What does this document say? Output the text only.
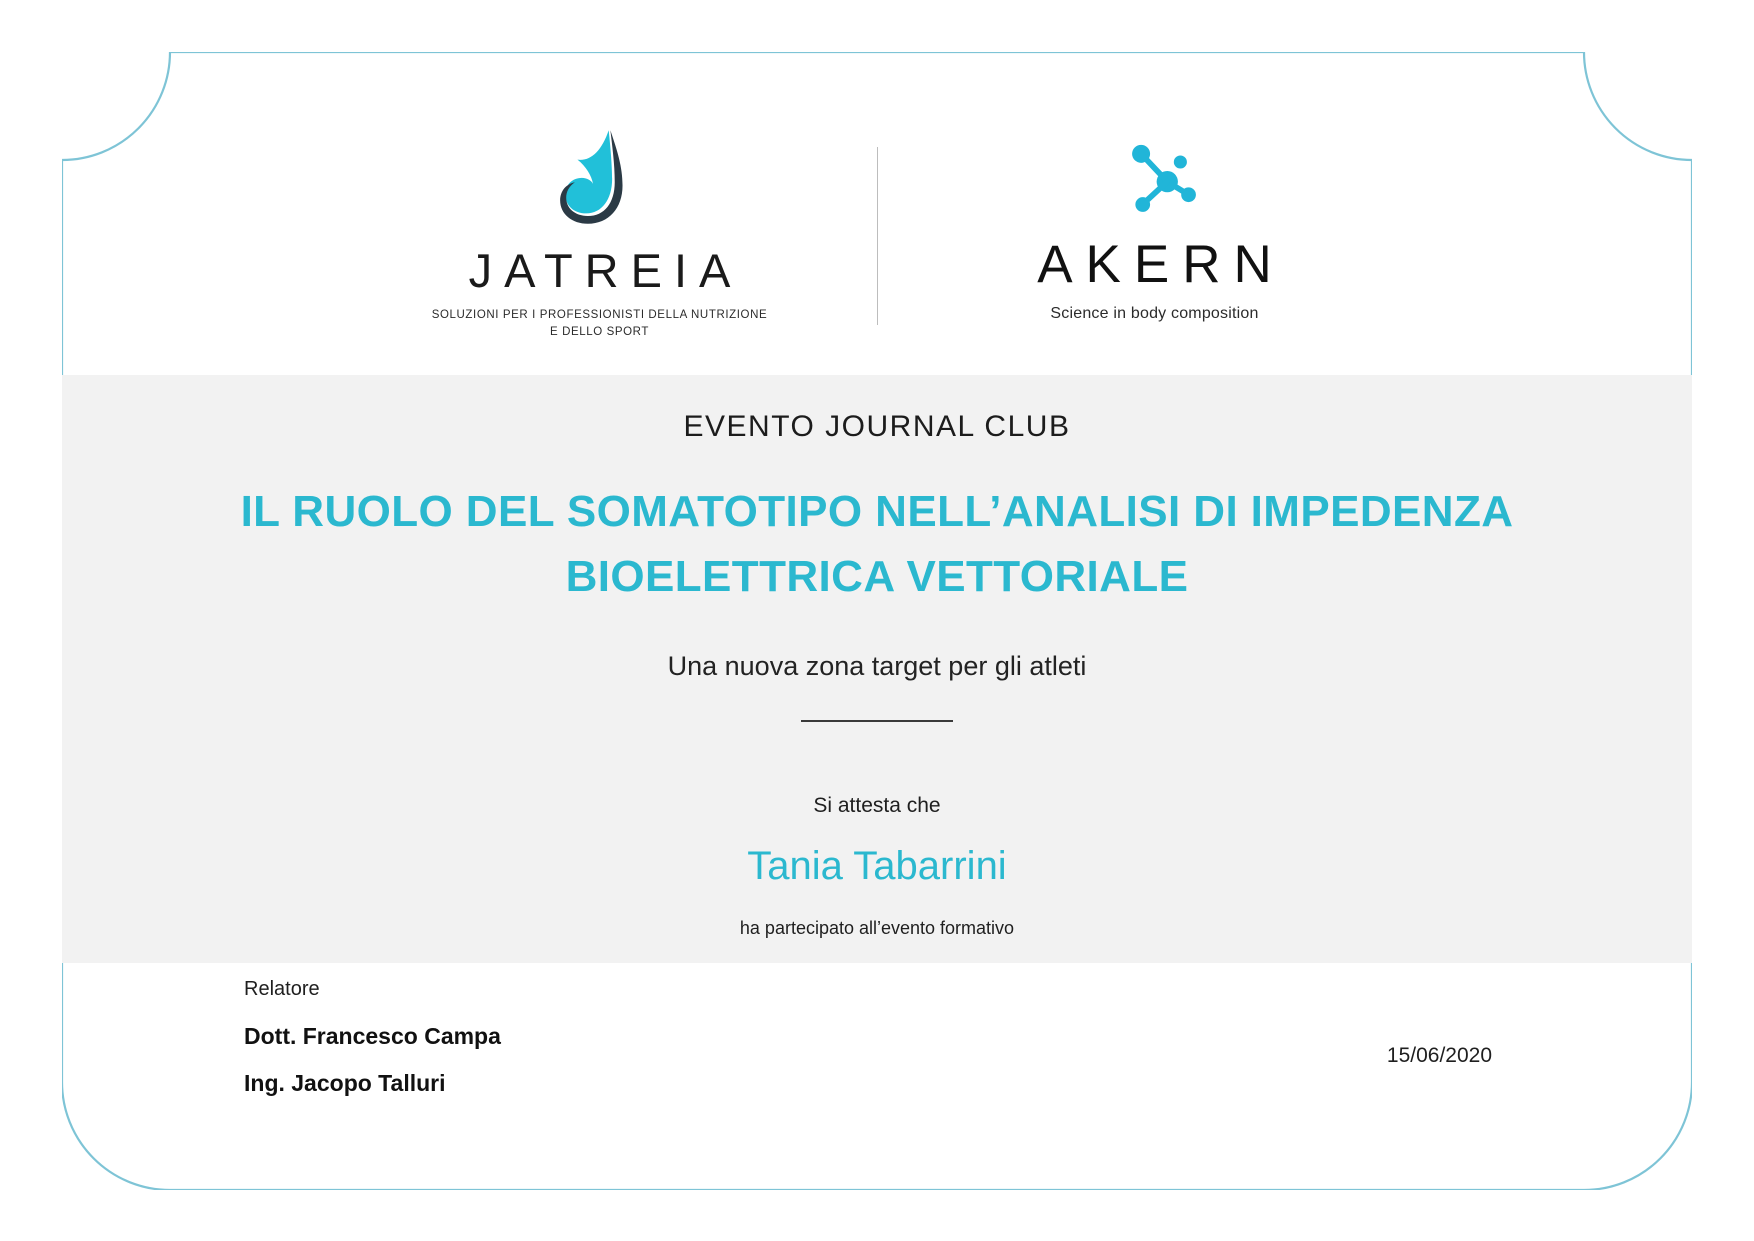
JATREIA
SOLUZIONI PER I PROFESSIONISTI DELLA NUTRIZIONE
E DELLO SPORT
AKERN
Science in body composition
EVENTO JOURNAL CLUB
IL RUOLO DEL SOMATOTIPO NELL’ANALISI DI IMPEDENZA BIOELETTRICA VETTORIALE
Una nuova zona target per gli atleti
Si attesta che
Tania Tabarrini
ha partecipato all’evento formativo
Relatore
Dott. Francesco Campa
Ing. Jacopo Talluri
15/06/2020
